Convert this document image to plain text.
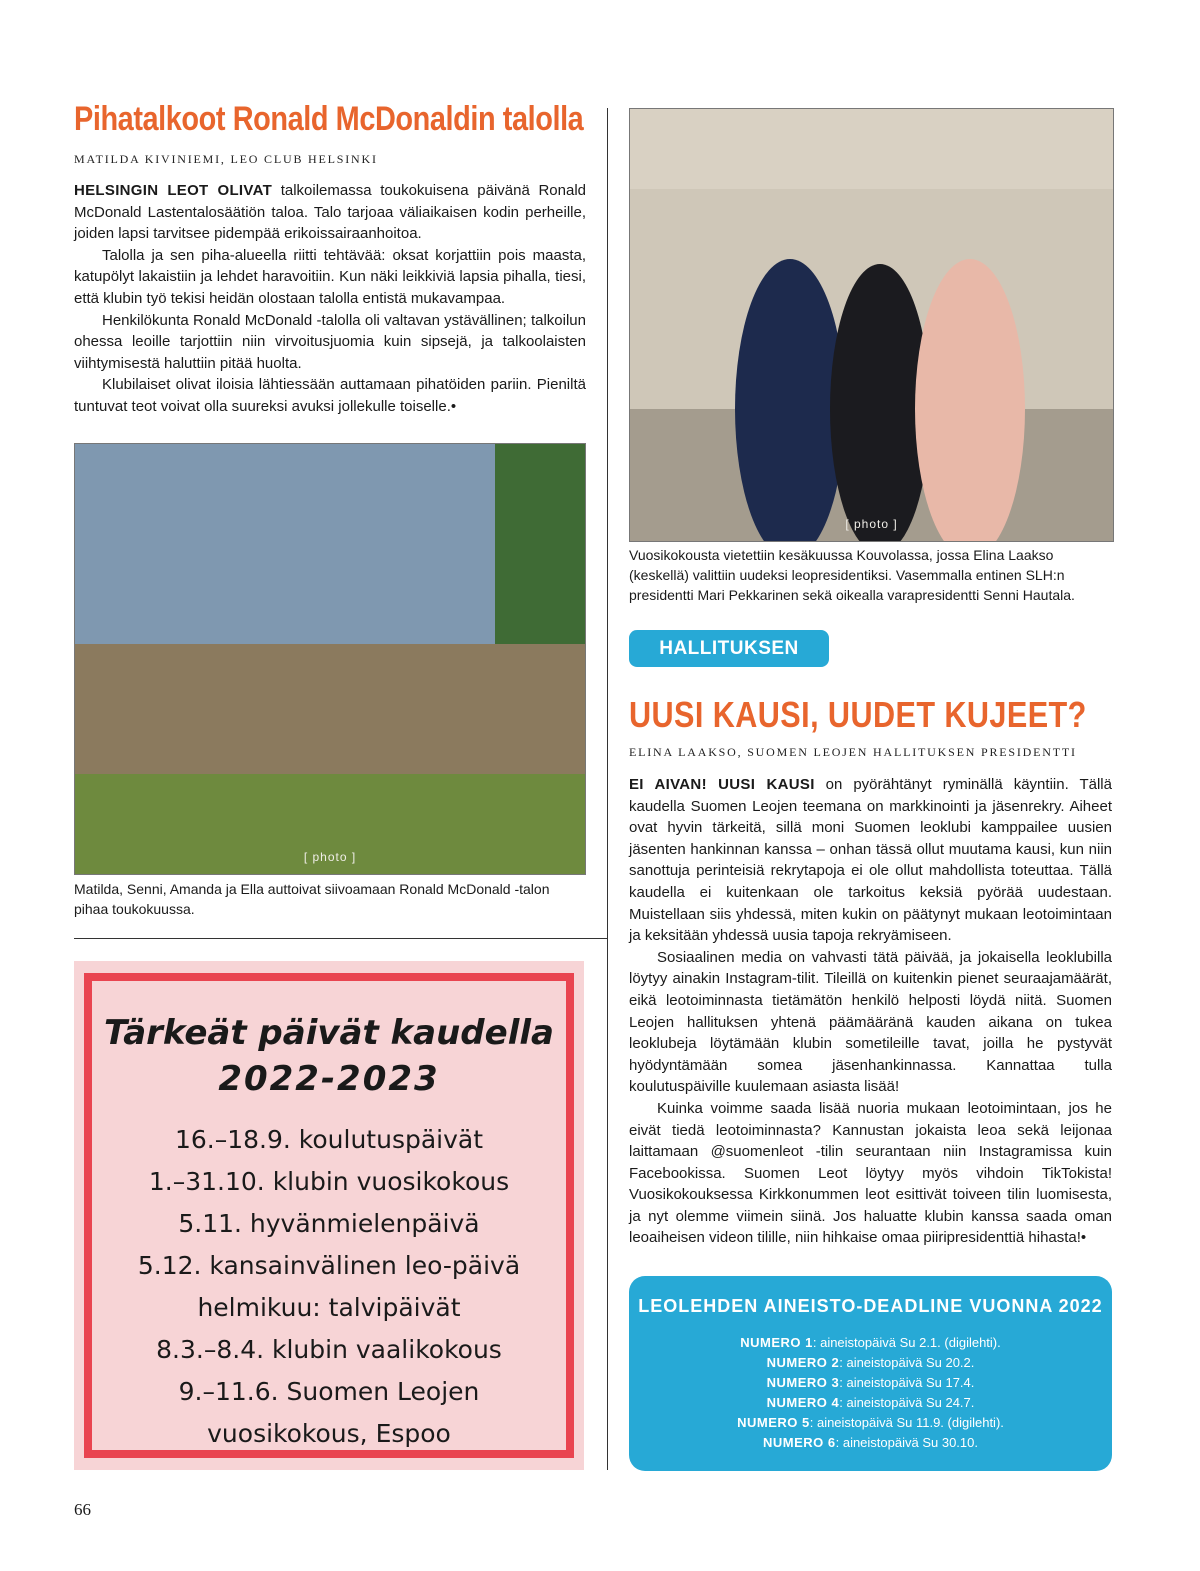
Pihatalkoot Ronald McDonaldin talolla
MATILDA KIVINIEMI, LEO CLUB HELSINKI

HELSINGIN LEOT OLIVAT talkoilemassa toukokuisena päivänä Ronald McDonald Lastentalosäätiön taloa. Talo tarjoaa väliaikaisen kodin perheille, joiden lapsi tarvitsee pidempää erikoissairaanhoitoa.

Talolla ja sen piha-alueella riitti tehtävää: oksat korjattiin pois maasta, katupölyt lakaistiin ja lehdet haravoitiin. Kun näki leikkiviä lapsia pihalla, tiesi, että klubin työ tekisi heidän olostaan talolla entistä mukavampaa.

Henkilökunta Ronald McDonald -talolla oli valtavan ystävällinen; talkoilun ohessa leoille tarjottiin niin virvoitusjuomia kuin sipsejä, ja talkoolaisten viihtymisestä haluttiin pitää huolta.

Klubilaiset olivat iloisia lähtiessään auttamaan pihatöiden pariin. Pieniltä tuntuvat teot voivat olla suureksi avuksi jollekulle toiselle.•

[ photo ]
Matilda, Senni, Amanda ja Ella auttoivat siivoamaan Ronald McDonald -talon pihaa toukokuussa.
Tärkeät päivät kaudella
2022-2023
16.–18.9. koulutuspäivät
1.–31.10. klubin vuosikokous
5.11. hyvänmielenpäivä
5.12. kansainvälinen leo-päivä
helmikuu: talvipäivät
8.3.–8.4. klubin vaalikokous
9.–11.6. Suomen Leojen
vuosikokous, Espoo
[ photo ]
Vuosikokousta vietettiin kesäkuussa Kouvolassa, jossa Elina Laakso (keskellä) valittiin uudeksi leopresidentiksi. Vasemmalla entinen SLH:n presidentti Mari Pekkarinen sekä oikealla varapresidentti Senni Hautala.
HALLITUKSEN SUUSTA
UUSI KAUSI, UUDET KUJEET?
ELINA LAAKSO, SUOMEN LEOJEN HALLITUKSEN PRESIDENTTI

EI AIVAN! UUSI KAUSI on pyörähtänyt ryminällä käyntiin. Tällä kaudella Suomen Leojen teemana on markkinointi ja jäsenrekry. Aiheet ovat hyvin tärkeitä, sillä moni Suomen leoklubi kamppailee uusien jäsenten hankinnan kanssa – onhan tässä ollut muutama kausi, kun niin sanottuja perinteisiä rekrytapoja ei ole ollut mahdollista toteuttaa. Tällä kaudella ei kuitenkaan ole tarkoitus keksiä pyörää uudestaan. Muistellaan siis yhdessä, miten kukin on päätynyt mukaan leotoimintaan ja keksitään yhdessä uusia tapoja rekryämiseen.

Sosiaalinen media on vahvasti tätä päivää, ja jokaisella leoklubilla löytyy ainakin Instagram-tilit. Tileillä on kuitenkin pienet seuraajamäärät, eikä leotoiminnasta tietämätön henkilö helposti löydä niitä. Suomen Leojen hallituksen yhtenä päämääränä kauden aikana on tukea leoklubeja löytämään klubin sometileille tavat, joilla he pystyvät hyödyntämään somea jäsenhankinnassa. Kannattaa tulla koulutuspäiville kuulemaan asiasta lisää!

Kuinka voimme saada lisää nuoria mukaan leotoimintaan, jos he eivät tiedä leotoiminnasta? Kannustan jokaista leoa sekä leijonaa laittamaan @suomenleot -tilin seurantaan niin Instagramissa kuin Facebookissa. Suomen Leot löytyy myös vihdoin TikTokista! Vuosikokouksessa Kirkkonummen leot esittivät toiveen tilin luomisesta, ja nyt olemme viimein siinä. Jos haluatte klubin kanssa saada oman leoaiheisen videon tilille, niin hihkaise omaa piiripresidenttiä hihasta!•

LEOLEHDEN AINEISTO-DEADLINE VUONNA 2022
NUMERO 1: aineistopäivä Su 2.1. (digilehti).
NUMERO 2: aineistopäivä Su 20.2.
NUMERO 3: aineistopäivä Su 17.4.
NUMERO 4: aineistopäivä Su 24.7.
NUMERO 5: aineistopäivä Su 11.9. (digilehti).
NUMERO 6: aineistopäivä Su 30.10.
66
